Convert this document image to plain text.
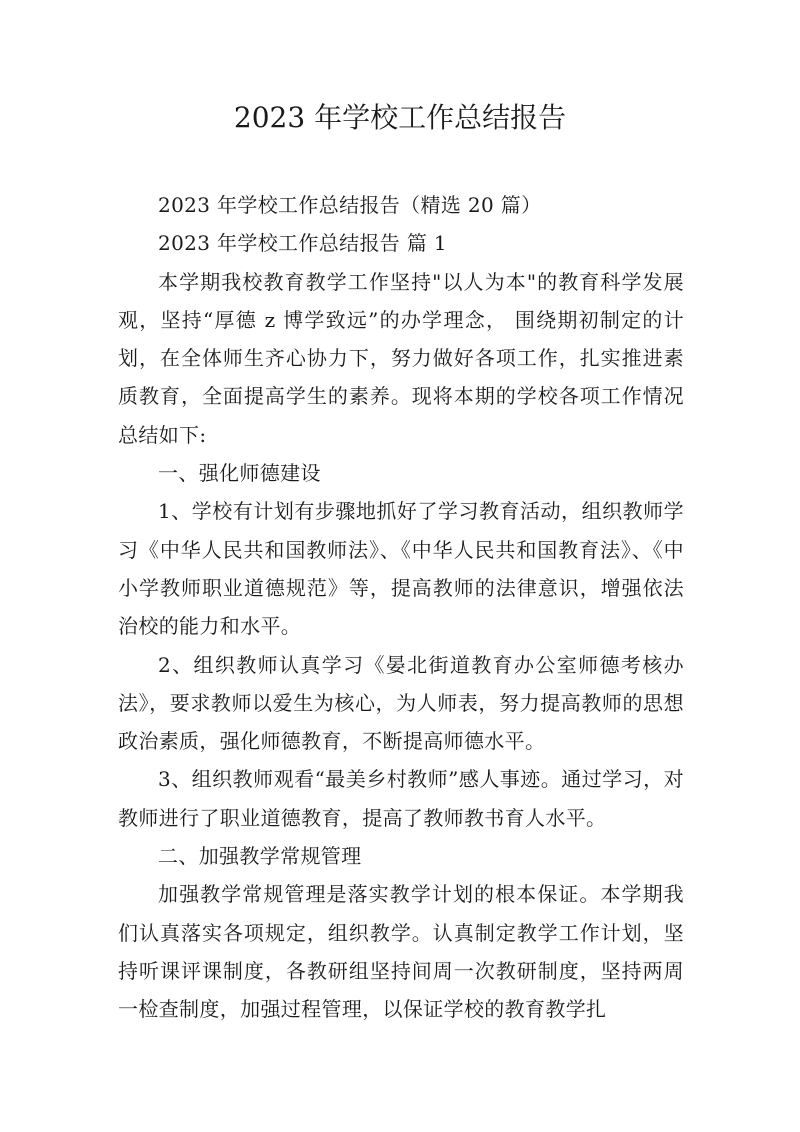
2023 年学校工作总结报告

2023 年学校工作总结报告（精选 20 篇）

2023 年学校工作总结报告 篇 1

本学期我校教育教学工作坚持"以人为本"的教育科学发展观，坚持“厚德 z 博学致远”的办学理念， 围绕期初制定的计划，在全体师生齐心协力下，努力做好各项工作，扎实推进素质教育，全面提高学生的素养。现将本期的学校各项工作情况总结如下:

一、强化师德建设

1、学校有计划有步骤地抓好了学习教育活动，组织教师学习《中华人民共和国教师法》、《中华人民共和国教育法》、《中小学教师职业道德规范》等，提高教师的法律意识，增强依法治校的能力和水平。

2、组织教师认真学习《晏北街道教育办公室师德考核办法》，要求教师以爱生为核心，为人师表，努力提高教师的思想政治素质，强化师德教育，不断提高师德水平。

3、组织教师观看“最美乡村教师”感人事迹。通过学习，对教师进行了职业道德教育，提高了教师教书育人水平。

二、加强教学常规管理

加强教学常规管理是落实教学计划的根本保证。本学期我们认真落实各项规定，组织教学。认真制定教学工作计划，坚持听课评课制度，各教研组坚持间周一次教研制度，坚持两周一检查制度，加强过程管理，以保证学校的教育教学扎
